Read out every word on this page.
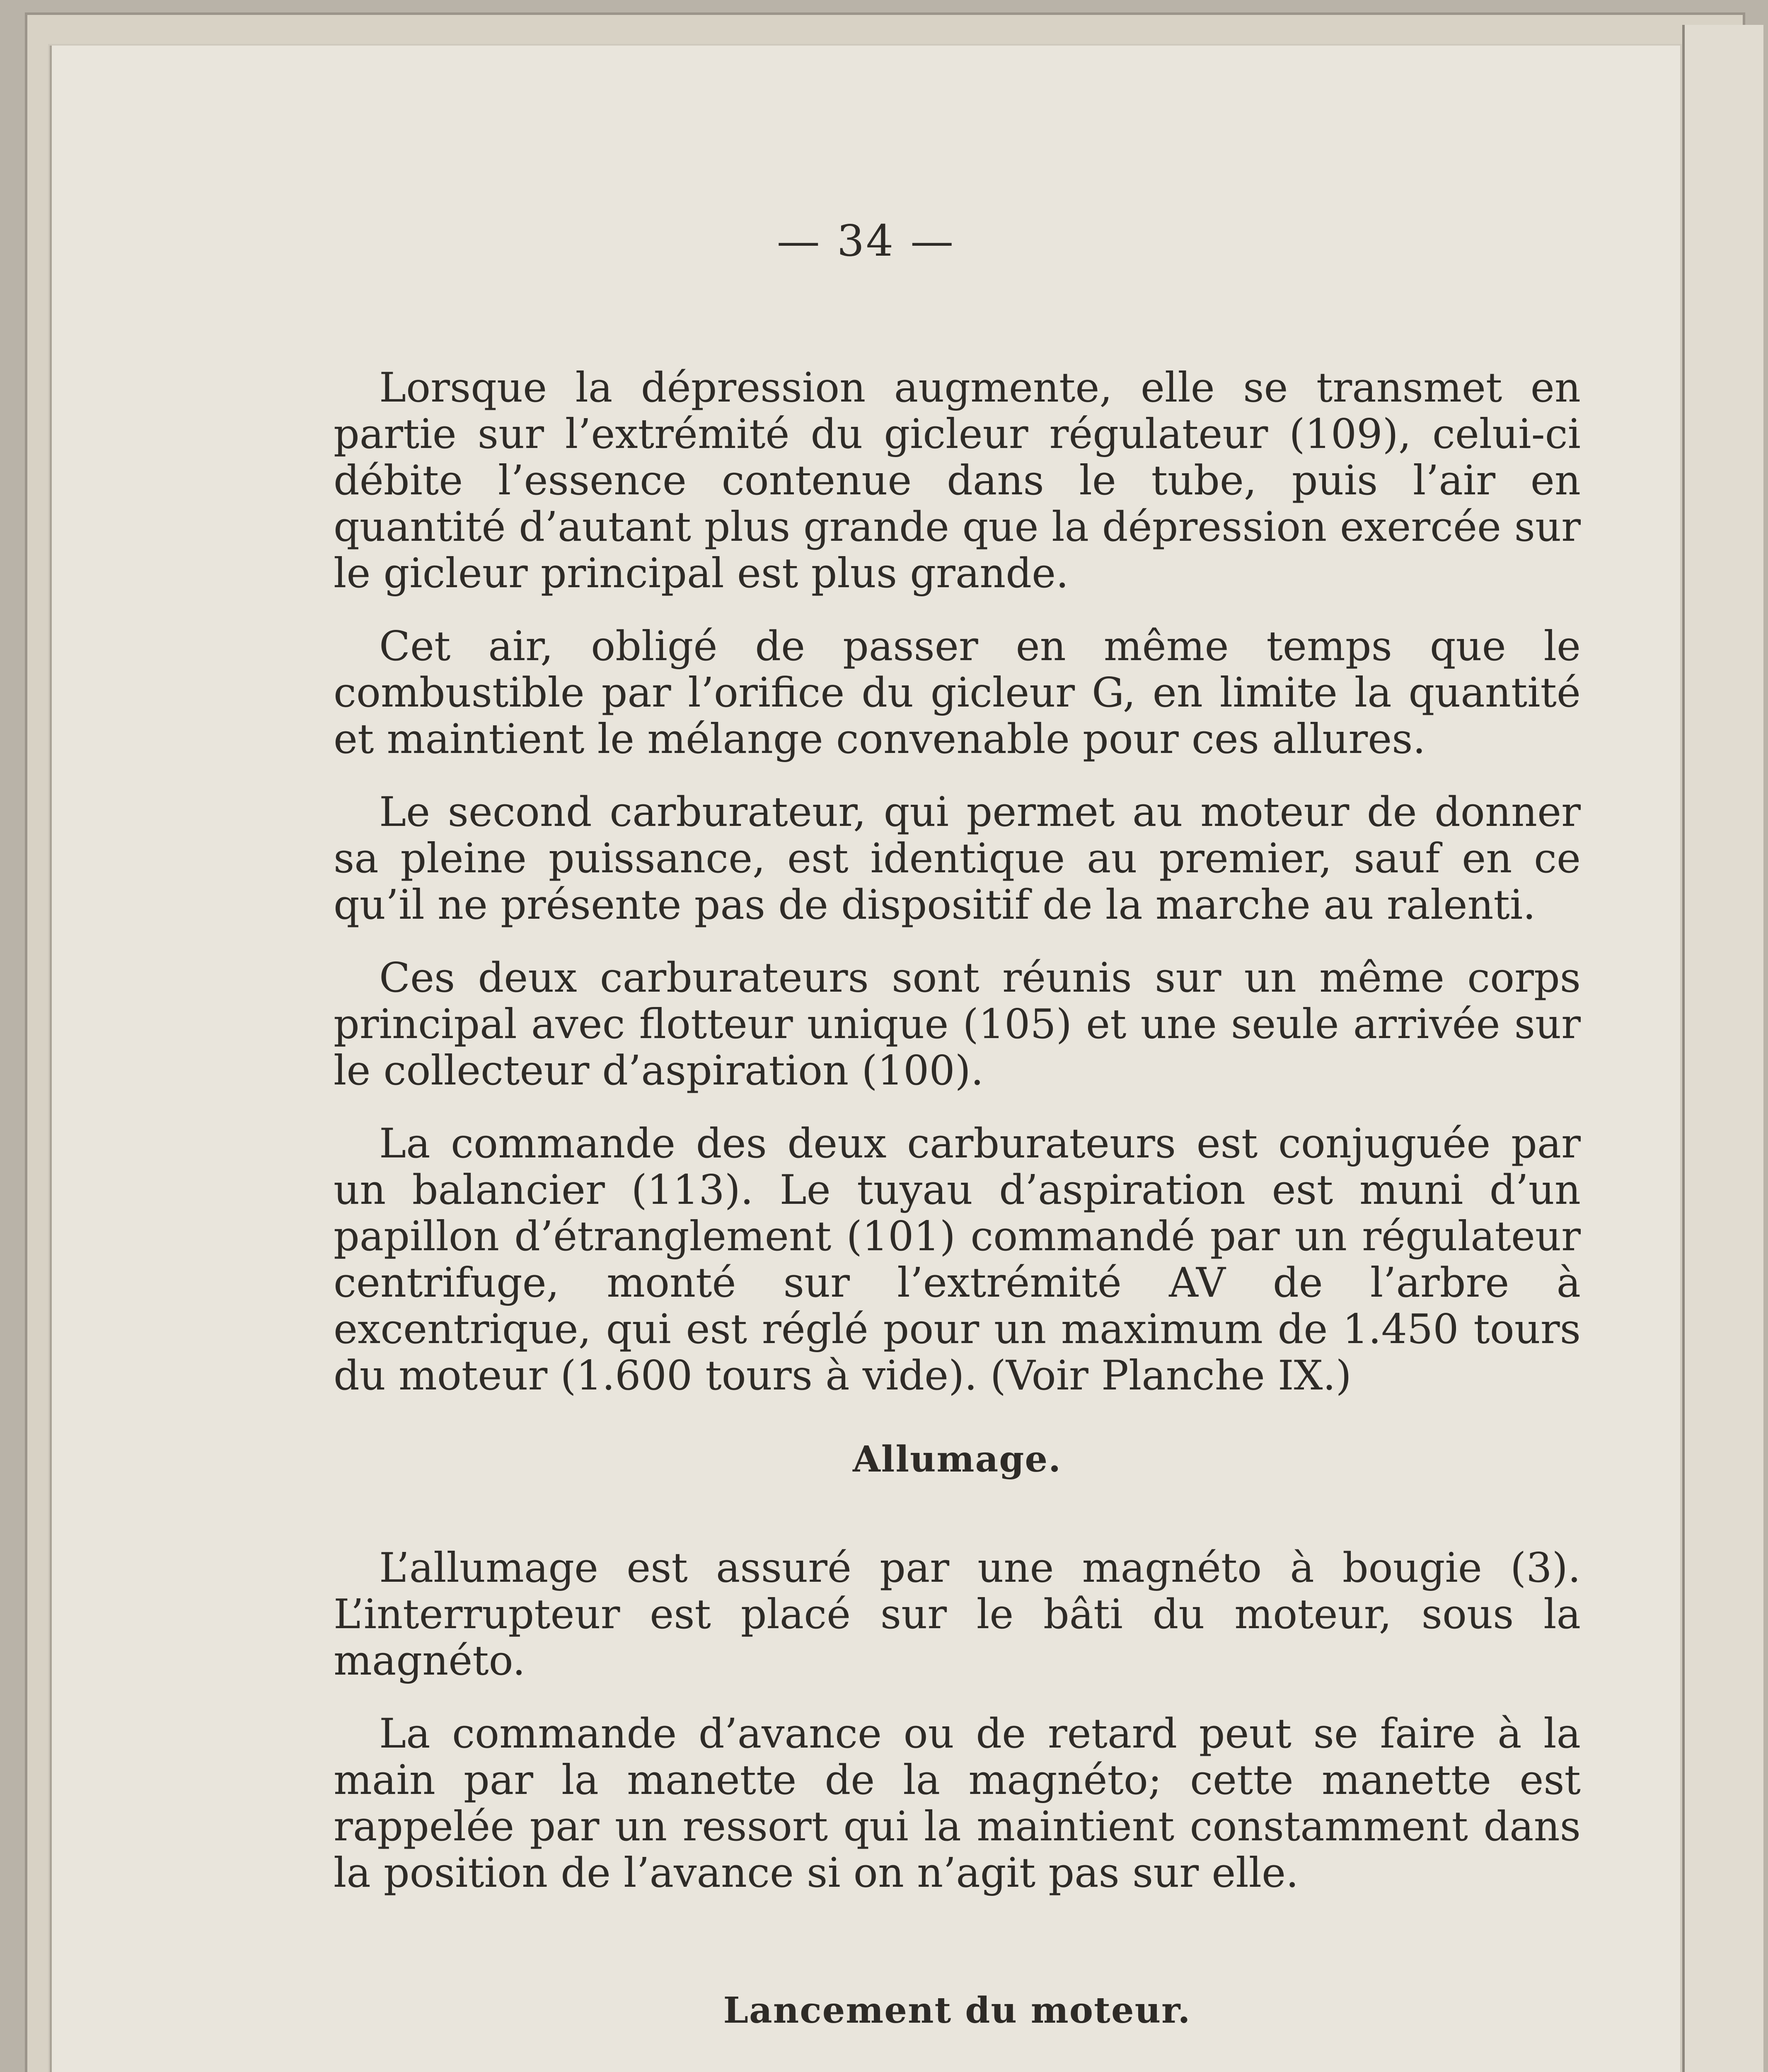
— 34 —

Lorsque la dépression augmente, elle se transmet en partie sur l’extrémité du gicleur régulateur (109), celui-ci débite l’essence contenue dans le tube, puis l’air en quantité d’autant plus grande que la dépression exercée sur le gicleur principal est plus grande.

Cet air, obligé de passer en même temps que le combustible par l’orifice du gicleur G, en limite la quantité et maintient le mélange convenable pour ces allures.

Le second carburateur, qui permet au moteur de donner sa pleine puissance, est identique au premier, sauf en ce qu’il ne présente pas de dispositif de la marche au ralenti.

Ces deux carburateurs sont réunis sur un même corps principal avec flotteur unique (105) et une seule arrivée sur le collecteur d’aspiration (100).

La commande des deux carburateurs est conjuguée par un balancier (113). Le tuyau d’aspiration est muni d’un papillon d’étranglement (101) commandé par un régulateur centrifuge, monté sur l’extrémité AV de l’arbre à excentrique, qui est réglé pour un maximum de 1.450 tours du moteur (1.600 tours à vide). (Voir Planche IX.)

Allumage.

L’allumage est assuré par une magnéto à bougie (3). L’interrupteur est placé sur le bâti du moteur, sous la magnéto.

La commande d’avance ou de retard peut se faire à la main par la manette de la magnéto; cette manette est rappelée par un ressort qui la maintient constamment dans la position de l’avance si on n’agit pas sur elle.

Lancement du moteur.
